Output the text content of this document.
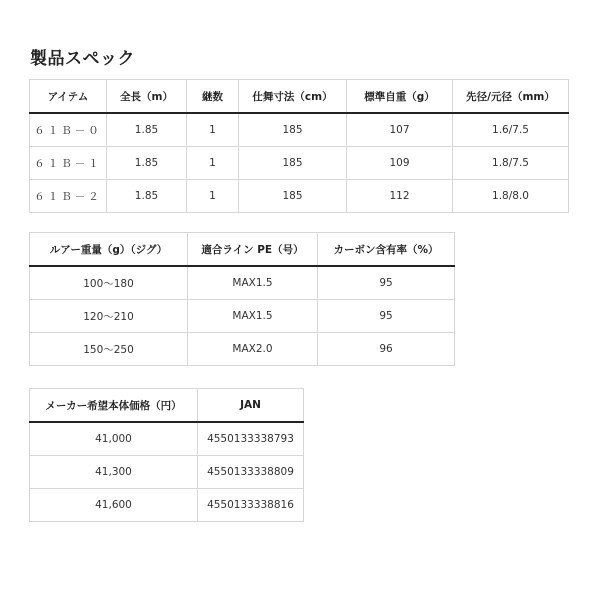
製品スペック
アイテム	全長（m）	継数	仕舞寸法（cm）	標準自重（g）	先径/元径（mm）
６１Ｂ－０	1.85	1	185	107	1.6/7.5
６１Ｂ－１	1.85	1	185	109	1.8/7.5
６１Ｂ－２	1.85	1	185	112	1.8/8.0
ルアー重量（g）（ジグ）	適合ライン PE（号）	カーボン含有率（%）
100〜180	MAX1.5	95
120〜210	MAX1.5	95
150〜250	MAX2.0	96
メーカー希望本体価格（円）	JAN
41,000	4550133338793
41,300	4550133338809
41,600	4550133338816
